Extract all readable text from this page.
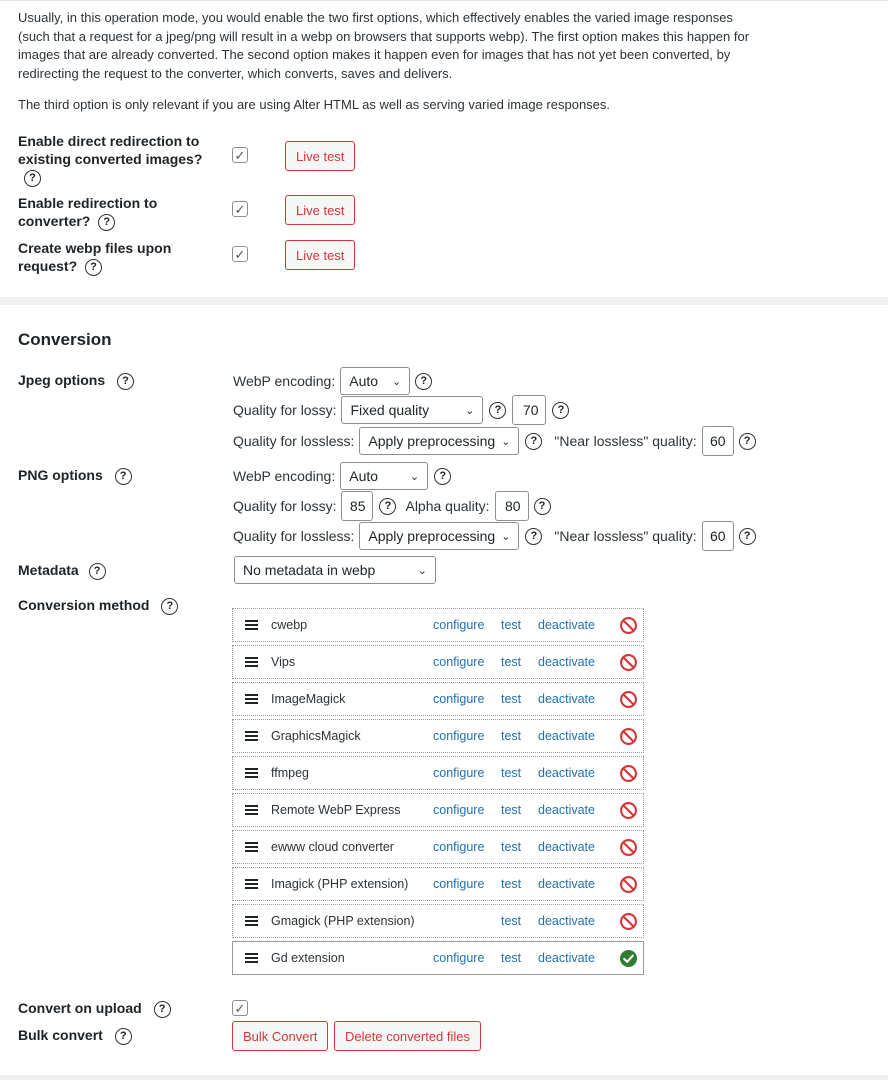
Usually, in this operation mode, you would enable the two first options, which effectively enables the varied image responses (such that a request for a jpeg/png will result in a webp on browsers that supports webp). The first option makes this happen for images that are already converted. The second option makes it happen even for images that has not yet been converted, by redirecting the request to the converter, which converts, saves and delivers.

The third option is only relevant if you are using Alter HTML as well as serving varied image responses.

Enable direct redirection to existing converted images?
?
✓	Live test
Enable redirection to converter? ?
✓	Live test
Create webp files upon request? ?
✓	Live test
Conversion
Jpeg options ?	WebP encoding: Auto ⌄	?
Quality for lossy: Fixed quality	⌄	?	70	?
Quality for lossless: Apply preprocessing ⌄	?	"Near lossless" quality: 60	?
PNG options ?	WebP encoding: Auto	⌄	?
Quality for lossy: 85	?	Alpha quality:	80	?
Quality for lossless: Apply preprocessing ⌄	?	"Near lossless" quality: 60	?
Metadata ?	No metadata in webp	⌄
Conversion method ?
cwebp	configure test deactivate
Vips	configure test deactivate
ImageMagick	configure test deactivate
GraphicsMagick	configure test deactivate
ffmpeg	configure test deactivate
Remote WebP Express	configure test deactivate
ewww cloud converter	configure test deactivate
Imagick (PHP extension) configure test deactivate
Gmagick (PHP extension)	test deactivate
Gd extension	configure test deactivate
Convert on upload ?	✓
Bulk convert ?	Bulk Convert	Delete converted files
